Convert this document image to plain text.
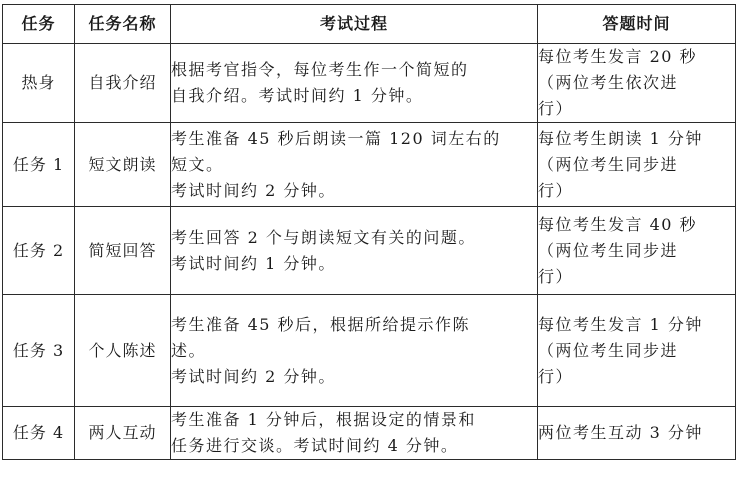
任务	任务名称	考试过程	答题时间
热身	自我介绍	根据考官指令，每位考生作一个简短的
自我介绍。考试时间约 1 分钟。	每位考生发言 20 秒
（两位考生依次进
行）

任务 1	短文朗读	考生准备 45 秒后朗读一篇 120 词左右的
短文。
考试时间约 2 分钟。	每位考生朗读 1 分钟
（两位考生同步进
行）

任务 2	简短回答	考生回答 2 个与朗读短文有关的问题。
考试时间约 1 分钟。	每位考生发言 40 秒
（两位考生同步进
行）

任务 3	个人陈述	考生准备 45 秒后，根据所给提示作陈
述。
考试时间约 2 分钟。	每位考生发言 1 分钟
（两位考生同步进
行）

任务 4	两人互动	考生准备 1 分钟后，根据设定的情景和
任务进行交谈。考试时间约 4 分钟。	两位考生互动 3 分钟
